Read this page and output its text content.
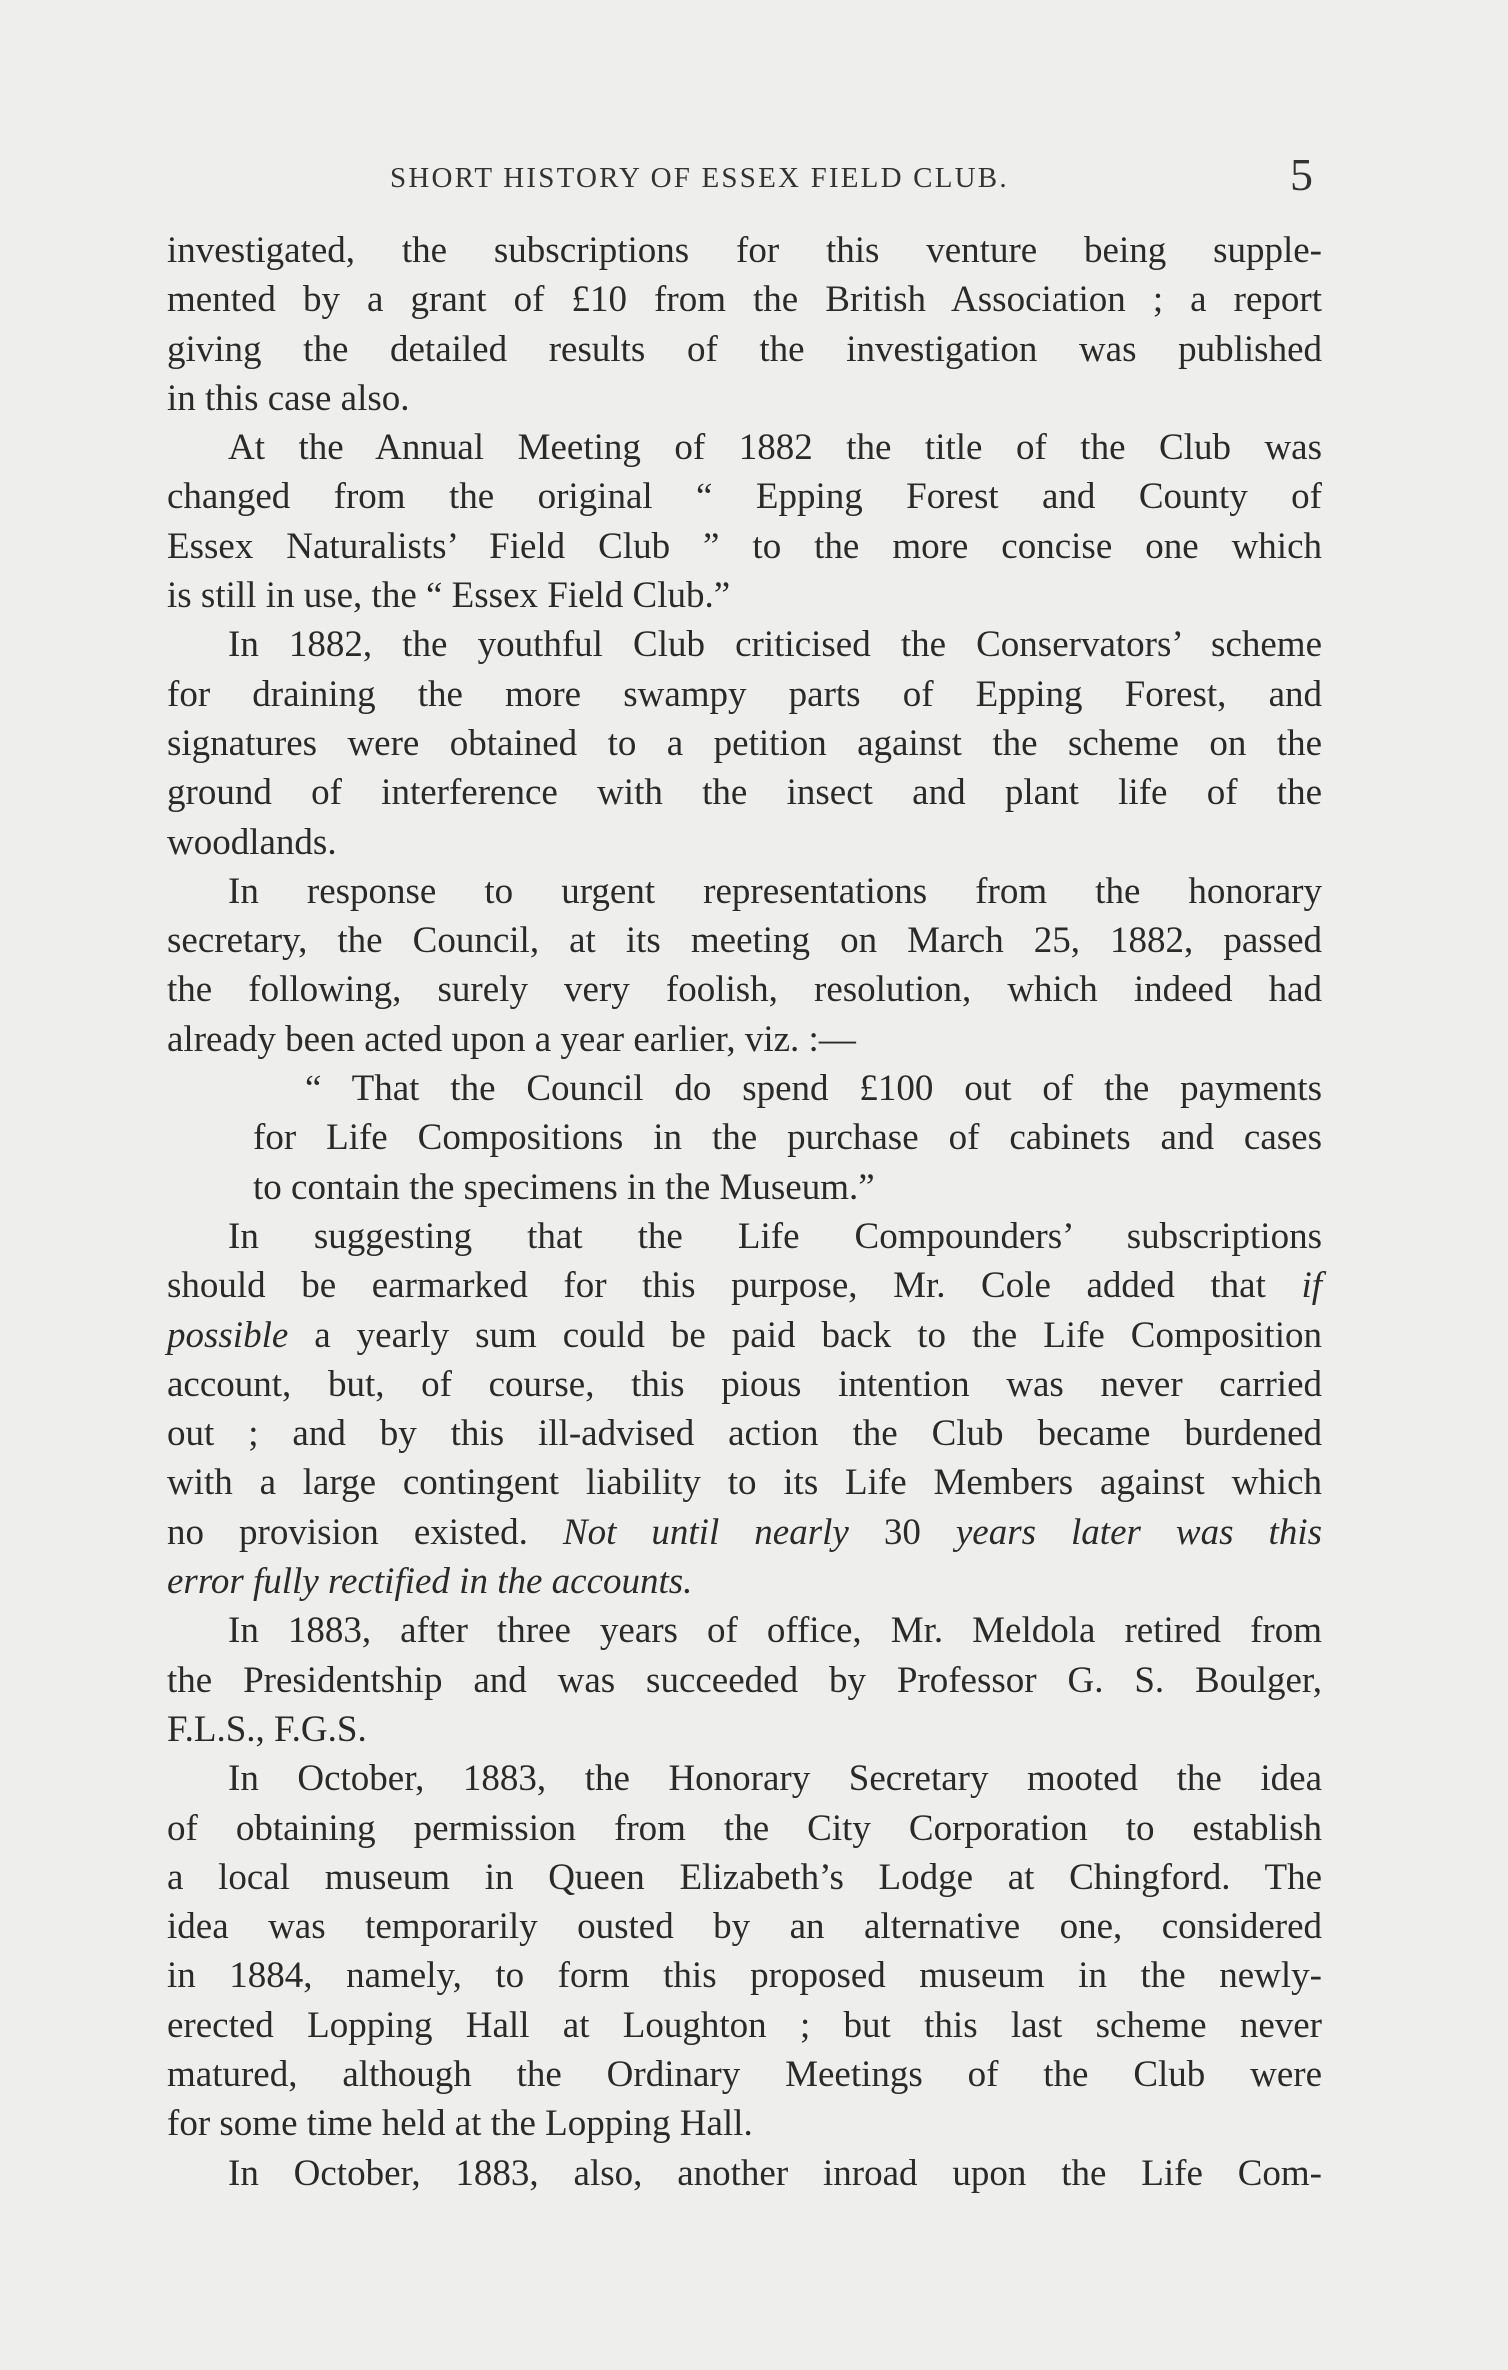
SHORT HISTORY OF ESSEX FIELD CLUB.	5
investigated, the subscriptions for this venture being supple-
mented by a grant of £10 from the British Association ; a report
giving the detailed results of the investigation was published
in this case also.
At the Annual Meeting of 1882 the title of the Club was
changed from the original “ Epping Forest and County of
Essex Naturalists’ Field Club ” to the more concise one which
is still in use, the “ Essex Field Club.”
In 1882, the youthful Club criticised the Conservators’ scheme
for draining the more swampy parts of Epping Forest, and
signatures were obtained to a petition against the scheme on the
ground of interference with the insect and plant life of the
woodlands.
In response to urgent representations from the honorary
secretary, the Council, at its meeting on March 25, 1882, passed
the following, surely very foolish, resolution, which indeed had
already been acted upon a year earlier, viz. :—
“ That the Council do spend £100 out of the payments
for Life Compositions in the purchase of cabinets and cases
to contain the specimens in the Museum.”
In suggesting that the Life Compounders’ subscriptions
should be earmarked for this purpose, Mr. Cole added that if
possible a yearly sum could be paid back to the Life Composition
account, but, of course, this pious intention was never carried
out ; and by this ill-advised action the Club became burdened
with a large contingent liability to its Life Members against which
no provision existed. Not until nearly 30 years later was this
error fully rectified in the accounts.
In 1883, after three years of office, Mr. Meldola retired from
the Presidentship and was succeeded by Professor G. S. Boulger,
F.L.S., F.G.S.
In October, 1883, the Honorary Secretary mooted the idea
of obtaining permission from the City Corporation to establish
a local museum in Queen Elizabeth’s Lodge at Chingford. The
idea was temporarily ousted by an alternative one, considered
in 1884, namely, to form this proposed museum in the newly-
erected Lopping Hall at Loughton ; but this last scheme never
matured, although the Ordinary Meetings of the Club were
for some time held at the Lopping Hall.
In October, 1883, also, another inroad upon the Life Com-
